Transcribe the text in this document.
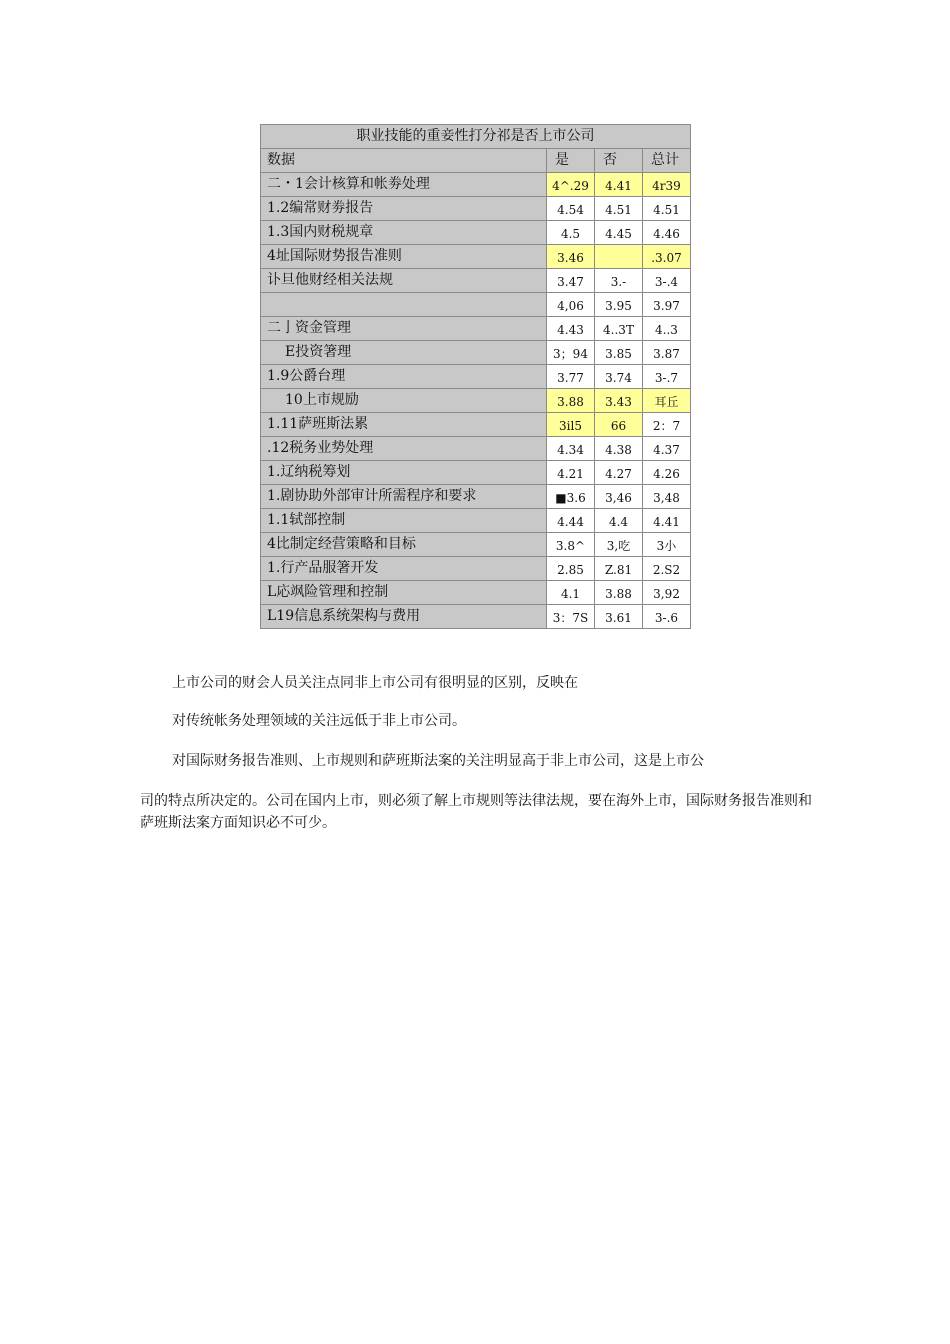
职业技能的重妾性打分祁是否上市公司			
数据	是	否	总计
二・1会计核算和帐劵处理	4^.29	4.41	4r39
1.2编常财劵报告	4.54	4.51	4.51
1.3国内财税规章	4.5	4.45	4.46
4址国际财势报告准则	3.46		.3.07
讣旦他财经相关法规	3.47	3.-	3-.4
	4,06	3.95	3.97
二亅资金管理	4.43	4..3T	4..3
E投资箸理	3；94	3.85	3.87
1.9公爵台理	3.77	3.74	3-.7
10上市规励	3.88	3.43	耳丘
1.11萨班斯法累	3il5	66	2：7
.12税务业势处理	4.34	4.38	4.37
1.辽纳税筹划	4.21	4.27	4.26
1.剧协助外部审计所需程序和要求	■3.6	3,46	3,48
1.1轼部控制	4.44	4.4	4.41
4比制定经营策略和目标	3.8^	3,吃	3小
1.行产品服箸开发	2.85	Z.81	2.S2
L応飒险管理和控制	4.1	3.88	3,92
L19信息系统架构与费用	3：7S	3.61	3-.6

上市公司的财会人员关注点同非上市公司有很明显的区别，反映在

对传统帐务处理领域的关注远低于非上市公司。

对国际财务报告准则、上市规则和萨班斯法案的关注明显高于非上市公司，这是上市公

司的特点所决定的。公司在国内上市，则必须了解上市规则等法律法规，要在海外上市，国际财务报告准则和萨班斯法案方面知识必不可少。
